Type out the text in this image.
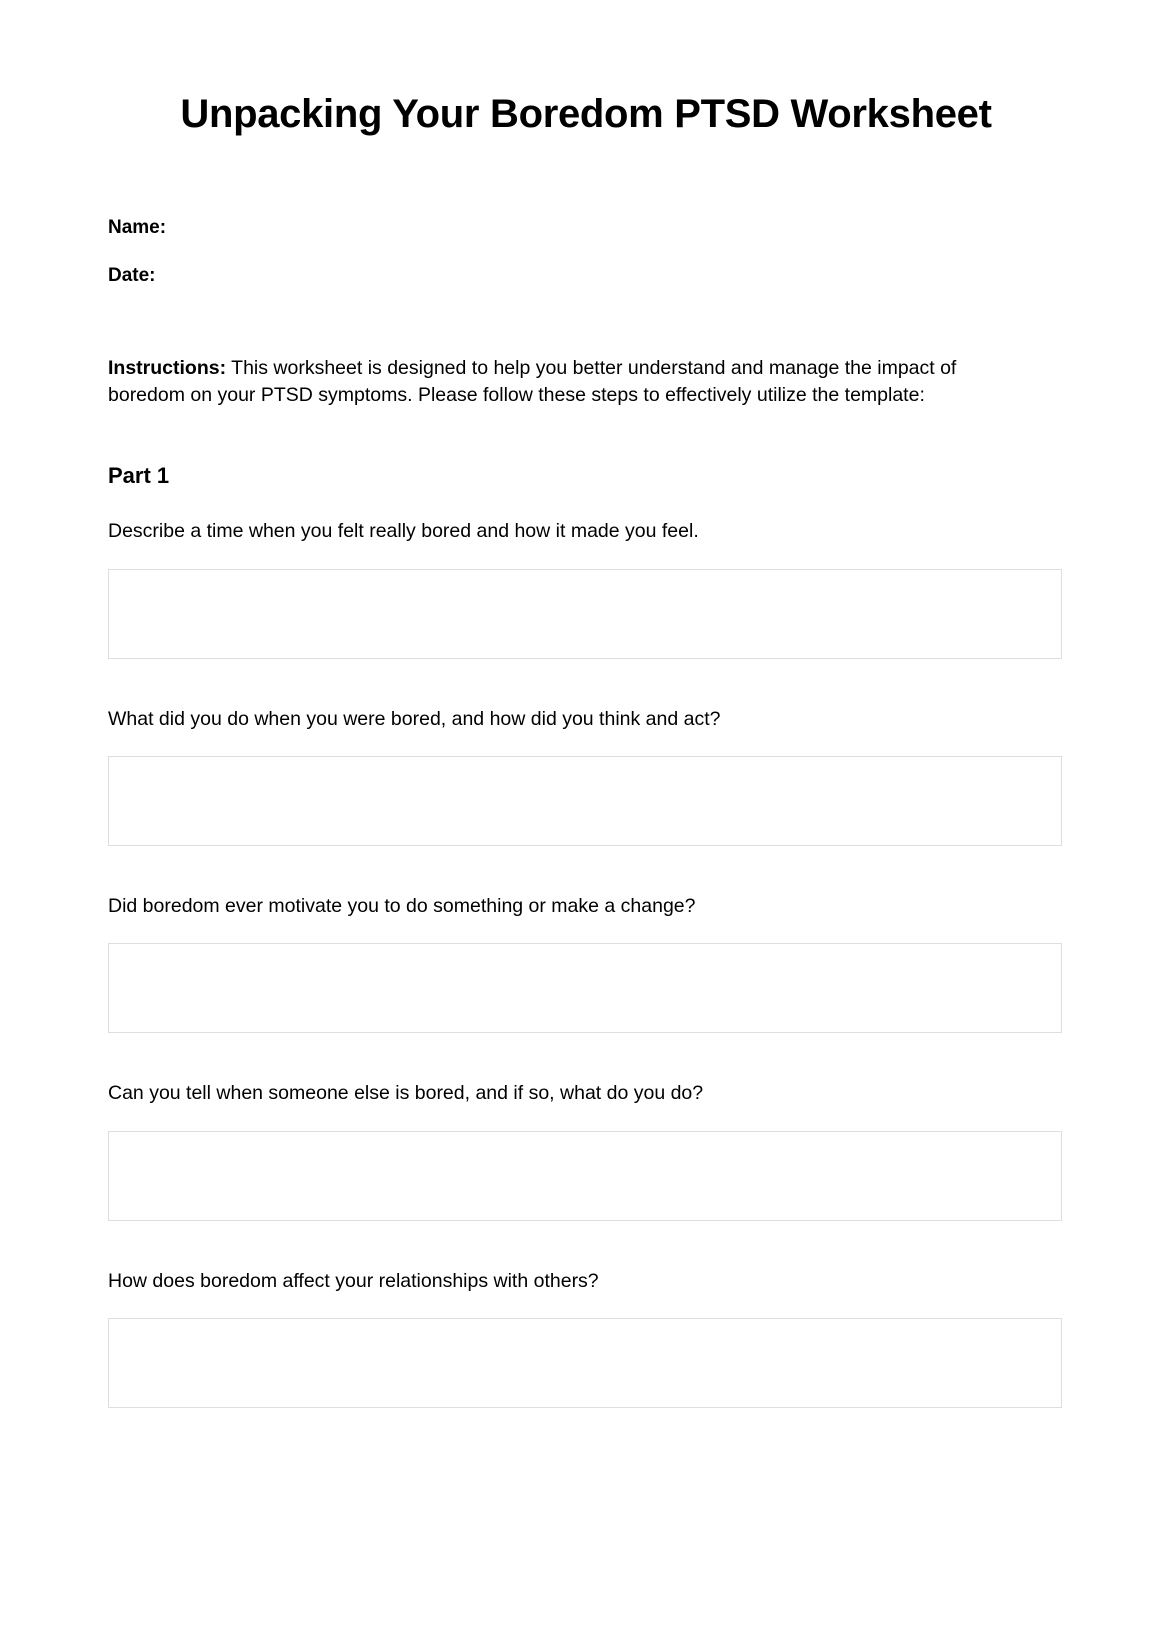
Unpacking Your Boredom PTSD Worksheet
Name:
Date:

Instructions: This worksheet is designed to help you better understand and manage the impact of boredom on your PTSD symptoms. Please follow these steps to effectively utilize the template:

Part 1

Describe a time when you felt really bored and how it made you feel.

What did you do when you were bored, and how did you think and act?

Did boredom ever motivate you to do something or make a change?

Can you tell when someone else is bored, and if so, what do you do?

How does boredom affect your relationships with others?
